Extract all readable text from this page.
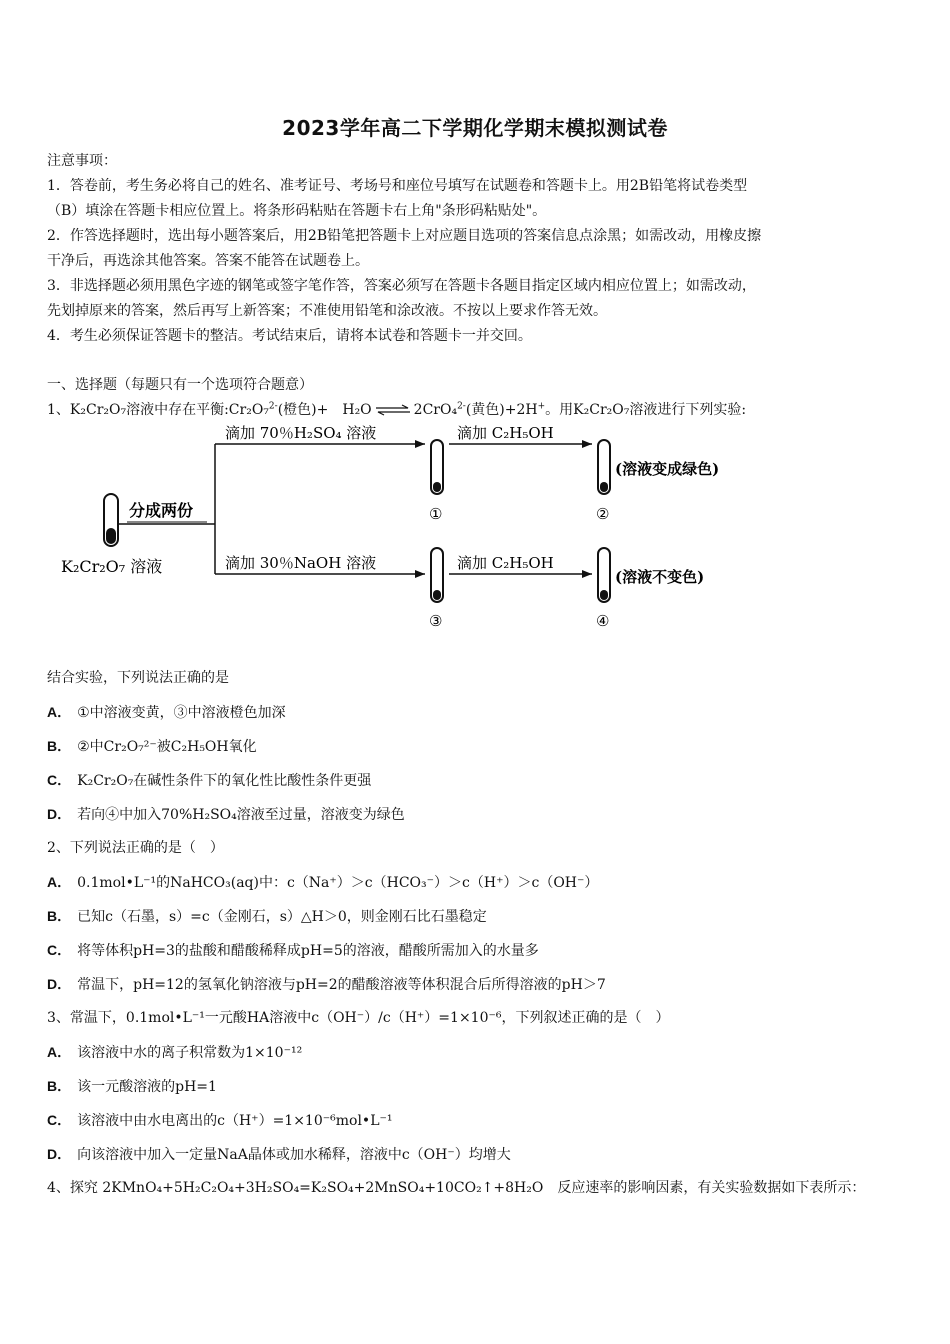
2023学年高二下学期化学期末模拟测试卷
注意事项：
1．答卷前，考生务必将自己的姓名、准考证号、考场号和座位号填写在试题卷和答题卡上。用2B铅笔将试卷类型
（B）填涂在答题卡相应位置上。将条形码粘贴在答题卡右上角"条形码粘贴处"。
2．作答选择题时，选出每小题答案后，用2B铅笔把答题卡上对应题目选项的答案信息点涂黑；如需改动，用橡皮擦
干净后，再选涂其他答案。答案不能答在试题卷上。
3．非选择题必须用黑色字迹的钢笔或签字笔作答，答案必须写在答题卡各题目指定区域内相应位置上；如需改动，
先划掉原来的答案，然后再写上新答案；不准使用铅笔和涂改液。不按以上要求作答无效。
4．考生必须保证答题卡的整洁。考试结束后，请将本试卷和答题卡一并交回。
一、选择题（每题只有一个选项符合题意）
1、K₂Cr₂O₇溶液中存在平衡:Cr₂O₇$^{2-}$(橙色)+　H₂O ⇌ 2CrO₄$^{2-}$(黄色)+2H+。用K₂Cr₂O₇溶液进行下列实验:
K₂Cr₂O₇ 溶液
分成两份
滴加 70％H₂SO₄ 溶液
①
滴加 C₂H₅OH
②
(溶液变成绿色)
滴加 30％NaOH 溶液
③
滴加 C₂H₅OH
④
(溶液不变色)
结合实验，下列说法正确的是
A． ①中溶液变黄，③中溶液橙色加深
B． ②中Cr₂O₇²⁻被C₂H₅OH氧化
C． K₂Cr₂O₇在碱性条件下的氧化性比酸性条件更强
D． 若向④中加入70%H₂SO₄溶液至过量，溶液变为绿色
2、下列说法正确的是（　）
A． 0.1mol•L⁻¹的NaHCO₃(aq)中：c（Na⁺）＞c（HCO₃⁻）＞c（H⁺）＞c（OH⁻）
B． 已知c（石墨，s）=c（金刚石，s）△H＞0，则金刚石比石墨稳定
C． 将等体积pH=3的盐酸和醋酸稀释成pH=5的溶液，醋酸所需加入的水量多
D． 常温下，pH=12的氢氧化钠溶液与pH=2的醋酸溶液等体积混合后所得溶液的pH＞7
3、常温下，0.1mol•L⁻¹一元酸HA溶液中c（OH⁻）/c（H⁺）=1×10⁻⁶，下列叙述正确的是（　）
A． 该溶液中水的离子积常数为1×10⁻¹²
B． 该一元酸溶液的pH=1
C． 该溶液中由水电离出的c（H⁺）=1×10⁻⁶mol•L⁻¹
D． 向该溶液中加入一定量NaA晶体或加水稀释，溶液中c（OH⁻）均增大
4、探究 2KMnO₄+5H₂C₂O₄+3H₂SO₄=K₂SO₄+2MnSO₄+10CO₂↑+8H₂O　反应速率的影响因素，有关实验数据如下表所示：
